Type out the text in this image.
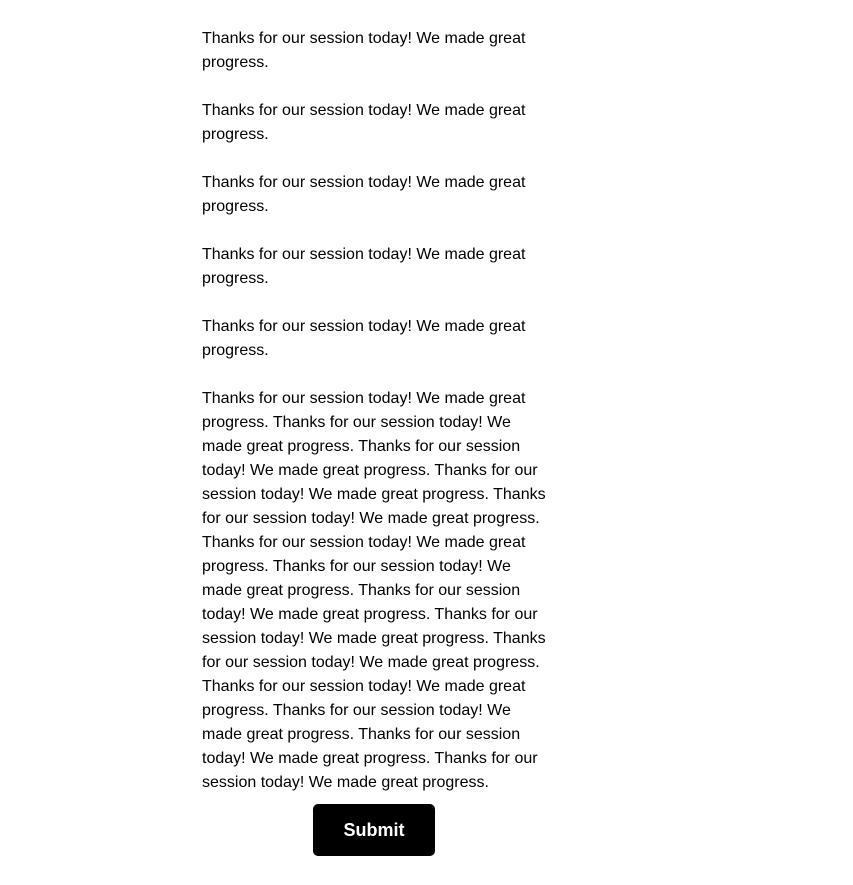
Thanks for our session today! We made great progress.

Thanks for our session today! We made great progress.

Thanks for our session today! We made great progress.

Thanks for our session today! We made great progress.

Thanks for our session today! We made great progress.

Thanks for our session today! We made great progress. Thanks for our session today! We made great progress. Thanks for our session today! We made great progress. Thanks for our session today! We made great progress. Thanks for our session today! We made great progress. Thanks for our session today! We made great progress. Thanks for our session today! We made great progress. Thanks for our session today! We made great progress. Thanks for our session today! We made great progress. Thanks for our session today! We made great progress. Thanks for our session today! We made great progress. Thanks for our session today! We made great progress. Thanks for our session today! We made great progress. Thanks for our session today! We made great progress.

Submit
